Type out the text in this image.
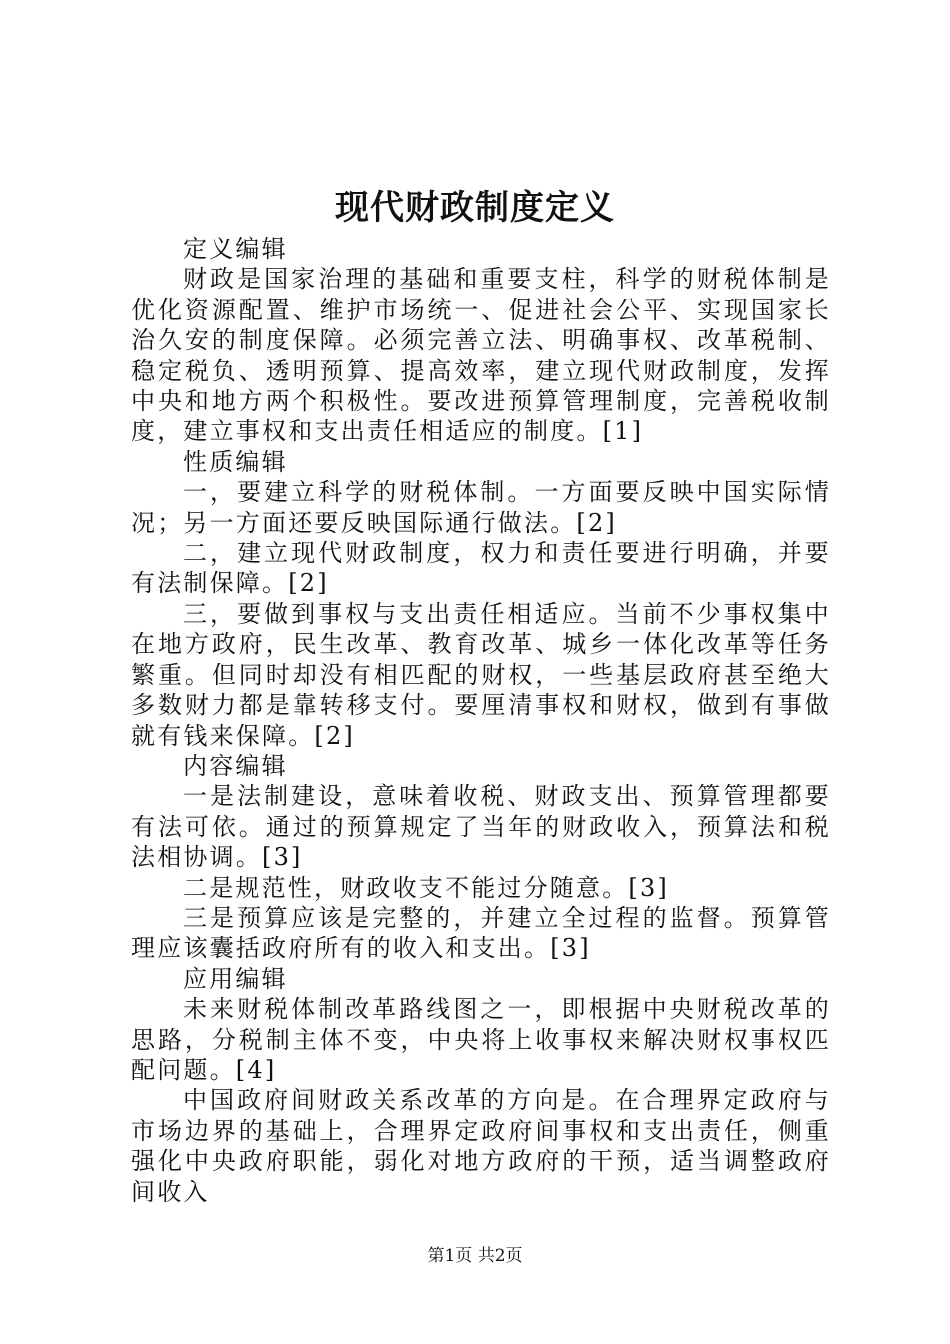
现代财政制度定义

定义编辑

财政是国家治理的基础和重要支柱，科学的财税体制是优化资源配置、维护市场统一、促进社会公平、实现国家长治久安的制度保障。必须完善立法、明确事权、改革税制、稳定税负、透明预算、提高效率，建立现代财政制度，发挥中央和地方两个积极性。要改进预算管理制度，完善税收制度，建立事权和支出责任相适应的制度。[1]

性质编辑

一，要建立科学的财税体制。一方面要反映中国实际情况；另一方面还要反映国际通行做法。[2]

二，建立现代财政制度，权力和责任要进行明确，并要有法制保障。[2]

三，要做到事权与支出责任相适应。当前不少事权集中在地方政府，民生改革、教育改革、城乡一体化改革等任务繁重。但同时却没有相匹配的财权，一些基层政府甚至绝大多数财力都是靠转移支付。要厘清事权和财权，做到有事做就有钱来保障。[2]

内容编辑

一是法制建设，意味着收税、财政支出、预算管理都要有法可依。通过的预算规定了当年的财政收入，预算法和税法相协调。[3]

二是规范性，财政收支不能过分随意。[3]

三是预算应该是完整的，并建立全过程的监督。预算管理应该囊括政府所有的收入和支出。[3]

应用编辑

未来财税体制改革路线图之一，即根据中央财税改革的思路，分税制主体不变，中央将上收事权来解决财权事权匹配问题。[4]

中国政府间财政关系改革的方向是。在合理界定政府与市场边界的基础上，合理界定政府间事权和支出责任，侧重强化中央政府职能，弱化对地方政府的干预，适当调整政府间收入

第1页 共2页
